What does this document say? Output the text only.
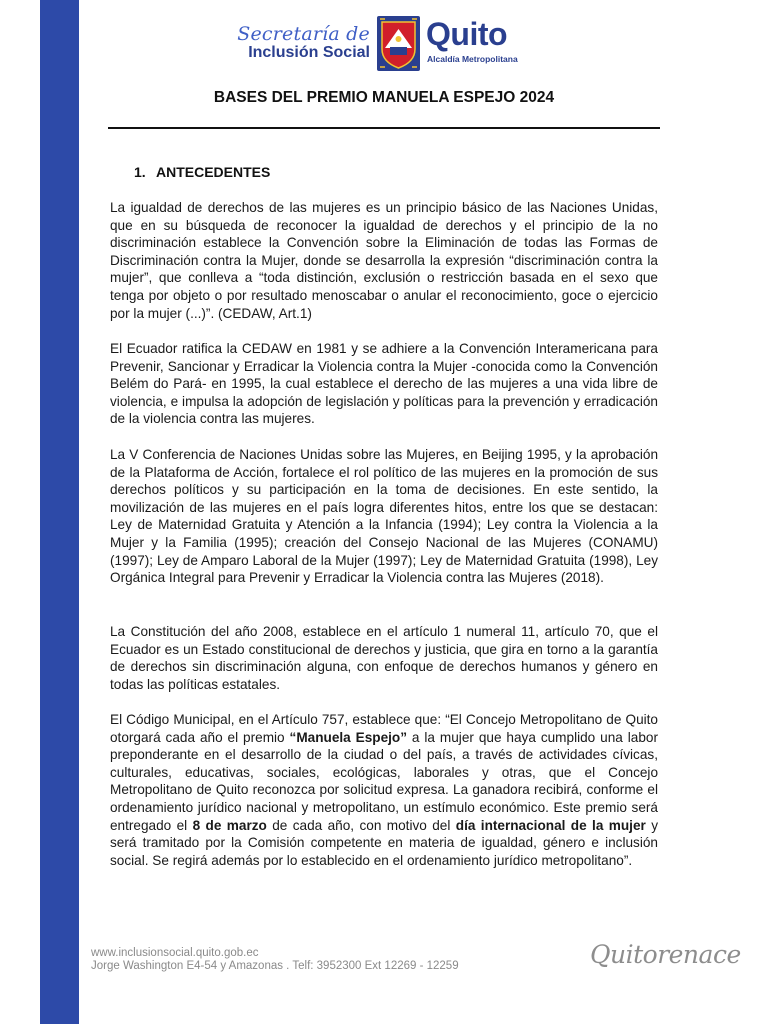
Secretaría de
Inclusión Social
Quito
Alcaldía Metropolitana
BASES DEL PREMIO MANUELA ESPEJO 2024
1. ANTECEDENTES

La igualdad de derechos de las mujeres es un principio básico de las Naciones Unidas, que en su búsqueda de reconocer la igualdad de derechos y el principio de la no discriminación establece la Convención sobre la Eliminación de todas las Formas de Discriminación contra la Mujer, donde se desarrolla la expresión “discriminación contra la mujer”, que conlleva a “toda distinción, exclusión o restricción basada en el sexo que tenga por objeto o por resultado menoscabar o anular el reconocimiento, goce o ejercicio por la mujer (...)”. (CEDAW, Art.1)

El Ecuador ratifica la CEDAW en 1981 y se adhiere a la Convención Interamericana para Prevenir, Sancionar y Erradicar la Violencia contra la Mujer -conocida como la Convención Belém do Pará- en 1995, la cual establece el derecho de las mujeres a una vida libre de violencia, e impulsa la adopción de legislación y políticas para la prevención y erradicación de la violencia contra las mujeres.

La V Conferencia de Naciones Unidas sobre las Mujeres, en Beijing 1995, y la aprobación de la Plataforma de Acción, fortalece el rol político de las mujeres en la promoción de sus derechos políticos y su participación en la toma de decisiones. En este sentido, la movilización de las mujeres en el país logra diferentes hitos, entre los que se destacan: Ley de Maternidad Gratuita y Atención a la Infancia (1994); Ley contra la Violencia a la Mujer y la Familia (1995); creación del Consejo Nacional de las Mujeres (CONAMU) (1997); Ley de Amparo Laboral de la Mujer (1997); Ley de Maternidad Gratuita (1998), Ley Orgánica Integral para Prevenir y Erradicar la Violencia contra las Mujeres (2018).

La Constitución del año 2008, establece en el artículo 1 numeral 11, artículo 70, que el Ecuador es un Estado constitucional de derechos y justicia, que gira en torno a la garantía de derechos sin discriminación alguna, con enfoque de derechos humanos y género en todas las políticas estatales.

El Código Municipal, en el Artículo 757, establece que: “El Concejo Metropolitano de Quito otorgará cada año el premio “Manuela Espejo” a la mujer que haya cumplido una labor preponderante en el desarrollo de la ciudad o del país, a través de actividades cívicas, culturales, educativas, sociales, ecológicas, laborales y otras, que el Concejo Metropolitano de Quito reconozca por solicitud expresa. La ganadora recibirá, conforme el ordenamiento jurídico nacional y metropolitano, un estímulo económico. Este premio será entregado el 8 de marzo de cada año, con motivo del día internacional de la mujer y será tramitado por la Comisión competente en materia de igualdad, género e inclusión social. Se regirá además por lo establecido en el ordenamiento jurídico metropolitano”.

www.inclusionsocial.quito.gob.ec
Jorge Washington E4-54 y Amazonas . Telf: 3952300 Ext 12269 - 12259	Quitorenace
